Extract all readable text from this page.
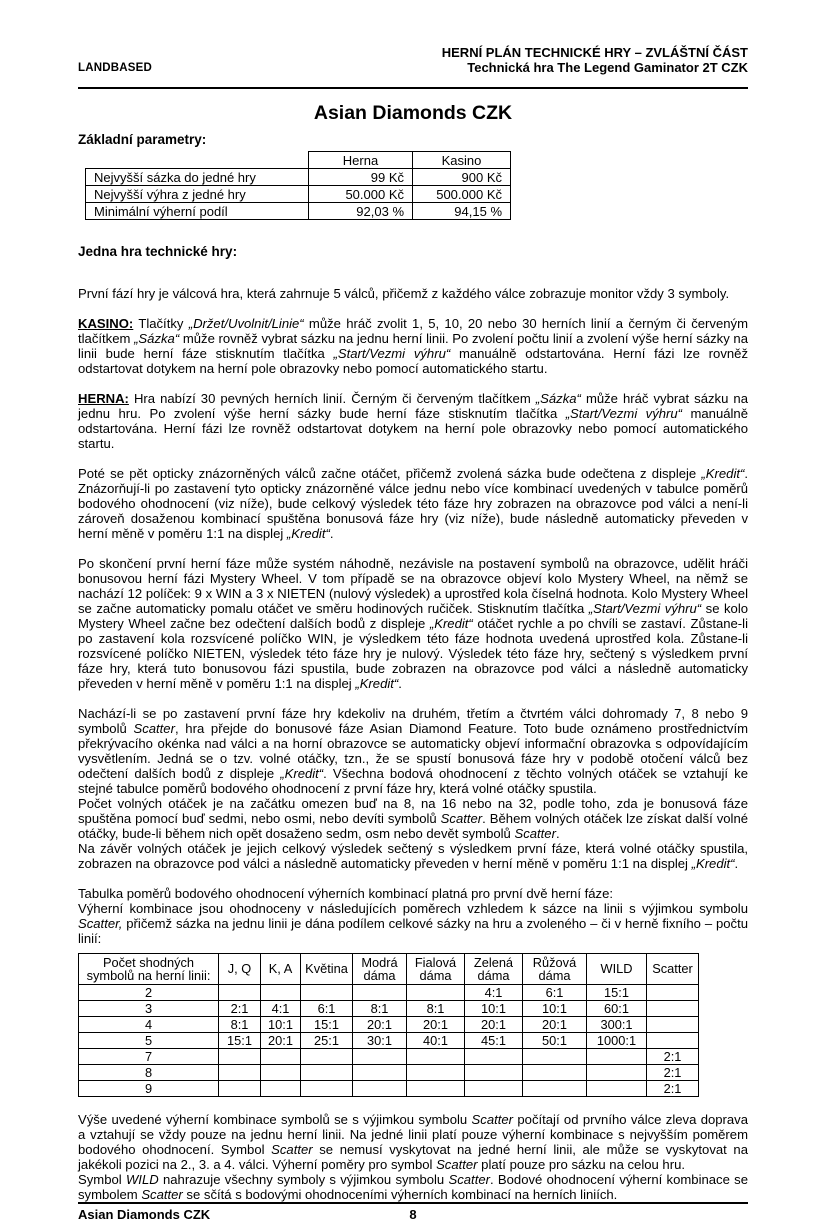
LANDBASED
HERNÍ PLÁN TECHNICKÉ HRY – ZVLÁŠTNÍ ČÁST
Technická hra The Legend Gaminator 2T CZK
Asian Diamonds CZK
Základní parametry:
	Herna	Kasino
Nejvyšší sázka do jedné hry	99 Kč	900 Kč
Nejvyšší výhra z jedné hry	50.000 Kč	500.000 Kč
Minimální výherní podíl	92,03 %	94,15 %
Jedna hra technické hry:

První fází hry je válcová hra, která zahrnuje 5 válců, přičemž z každého válce zobrazuje monitor vždy 3 symboly.

KASINO: Tlačítky „Držet/Uvolnit/Linie“ může hráč zvolit 1, 5, 10, 20 nebo 30 herních linií a černým či červeným tlačítkem „Sázka“ může rovněž vybrat sázku na jednu herní linii. Po zvolení počtu linií a zvolení výše herní sázky na linii bude herní fáze stisknutím tlačítka „Start/Vezmi výhru“ manuálně odstartována. Herní fázi lze rovněž odstartovat dotykem na herní pole obrazovky nebo pomocí automatického startu.

HERNA: Hra nabízí 30 pevných herních linií. Černým či červeným tlačítkem „Sázka“ může hráč vybrat sázku na jednu hru. Po zvolení výše herní sázky bude herní fáze stisknutím tlačítka „Start/Vezmi výhru“ manuálně odstartována. Herní fázi lze rovněž odstartovat dotykem na herní pole obrazovky nebo pomocí automatického startu.

Poté se pět opticky znázorněných válců začne otáčet, přičemž zvolená sázka bude odečtena z displeje „Kredit“. Znázorňují-li po zastavení tyto opticky znázorněné válce jednu nebo více kombinací uvedených v tabulce poměrů bodového ohodnocení (viz níže), bude celkový výsledek této fáze hry zobrazen na obrazovce pod válci a není-li zároveň dosaženou kombinací spuštěna bonusová fáze hry (viz níže), bude následně automaticky převeden v herní měně v poměru 1:1 na displej „Kredit“.

Po skončení první herní fáze může systém náhodně, nezávisle na postavení symbolů na obrazovce, udělit hráči bonusovou herní fázi Mystery Wheel. V tom případě se na obrazovce objeví kolo Mystery Wheel, na němž se nachází 12 políček: 9 x WIN a 3 x NIETEN (nulový výsledek) a uprostřed kola číselná hodnota. Kolo Mystery Wheel se začne automaticky pomalu otáčet ve směru hodinových ručiček. Stisknutím tlačítka „Start/Vezmi výhru“ se kolo Mystery Wheel začne bez odečtení dalších bodů z displeje „Kredit“ otáčet rychle a po chvíli se zastaví. Zůstane-li po zastavení kola rozsvícené políčko WIN, je výsledkem této fáze hodnota uvedená uprostřed kola. Zůstane-li rozsvícené políčko NIETEN, výsledek této fáze hry je nulový. Výsledek této fáze hry, sečtený s výsledkem první fáze hry, která tuto bonusovou fázi spustila, bude zobrazen na obrazovce pod válci a následně automaticky převeden v herní měně v poměru 1:1 na displej „Kredit“.

Nachází-li se po zastavení první fáze hry kdekoliv na druhém, třetím a čtvrtém válci dohromady 7, 8 nebo 9 symbolů Scatter, hra přejde do bonusové fáze Asian Diamond Feature. Toto bude oznámeno prostřednictvím překrývacího okénka nad válci a na horní obrazovce se automaticky objeví informační obrazovka s odpovídajícím vysvětlením. Jedná se o tzv. volné otáčky, tzn., že se spustí bonusová fáze hry v podobě otočení válců bez odečtení dalších bodů z displeje „Kredit“. Všechna bodová ohodnocení z těchto volných otáček se vztahují ke stejné tabulce poměrů bodového ohodnocení z první fáze hry, která volné otáčky spustila.

Počet volných otáček je na začátku omezen buď na 8, na 16 nebo na 32, podle toho, zda je bonusová fáze spuštěna pomocí buď sedmi, nebo osmi, nebo devíti symbolů Scatter. Během volných otáček lze získat další volné otáčky, bude-li během nich opět dosaženo sedm, osm nebo devět symbolů Scatter.

Na závěr volných otáček je jejich celkový výsledek sečtený s výsledkem první fáze, která volné otáčky spustila, zobrazen na obrazovce pod válci a následně automaticky převeden v herní měně v poměru 1:1 na displej „Kredit“.

Tabulka poměrů bodového ohodnocení výherních kombinací platná pro první dvě herní fáze:

Výherní kombinace jsou ohodnoceny v následujících poměrech vzhledem k sázce na linii s výjimkou symbolu Scatter, přičemž sázka na jednu linii je dána podílem celkové sázky na hru a zvoleného – či v herně fixního – počtu linií:

Počet shodných symbolů na herní linii:	J, Q	K, A	Květina	Modrá dáma	Fialová dáma	Zelená dáma	Růžová dáma	WILD	Scatter
2						4:1	6:1	15:1	
3	2:1	4:1	6:1	8:1	8:1	10:1	10:1	60:1	
4	8:1	10:1	15:1	20:1	20:1	20:1	20:1	300:1	
5	15:1	20:1	25:1	30:1	40:1	45:1	50:1	1000:1	
7									2:1
8									2:1
9									2:1

Výše uvedené výherní kombinace symbolů se s výjimkou symbolu Scatter počítají od prvního válce zleva doprava a vztahují se vždy pouze na jednu herní linii. Na jedné linii platí pouze výherní kombinace s nejvyšším poměrem bodového ohodnocení. Symbol Scatter se nemusí vyskytovat na jedné herní linii, ale může se vyskytovat na jakékoli pozici na 2., 3. a 4. válci. Výherní poměry pro symbol Scatter platí pouze pro sázku na celou hru.

Symbol WILD nahrazuje všechny symboly s výjimkou symbolu Scatter. Bodové ohodnocení výherní kombinace se symbolem Scatter se sčítá s bodovými ohodnoceními výherních kombinací na herních liniích.

Asian Diamonds CZK	8
